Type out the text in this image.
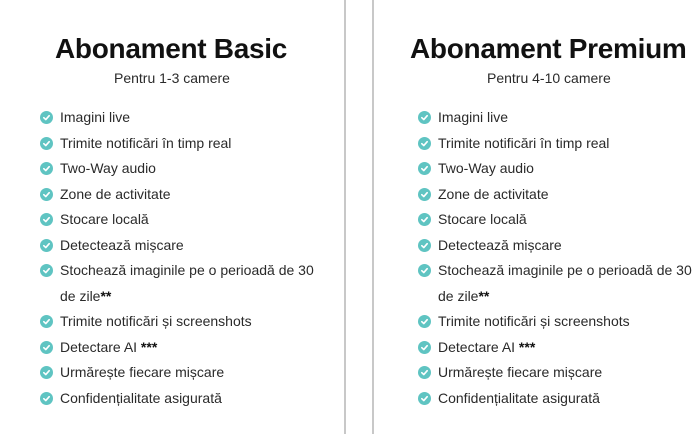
Abonament Basic
Pentru 1-3 camere
Imagini live
Trimite notificări în timp real
Two-Way audio
Zone de activitate
Stocare locală
Detectează mișcare
Stochează imaginile pe o perioadă de 30 de zile**
Trimite notificări și screenshots
Detectare AI ***
Urmărește fiecare mișcare
Confidențialitate asigurată
Abonament Premium
Pentru 4-10 camere
Imagini live
Trimite notificări în timp real
Two-Way audio
Zone de activitate
Stocare locală
Detectează mișcare
Stochează imaginile pe o perioadă de 30 de zile**
Trimite notificări și screenshots
Detectare AI ***
Urmărește fiecare mișcare
Confidențialitate asigurată
